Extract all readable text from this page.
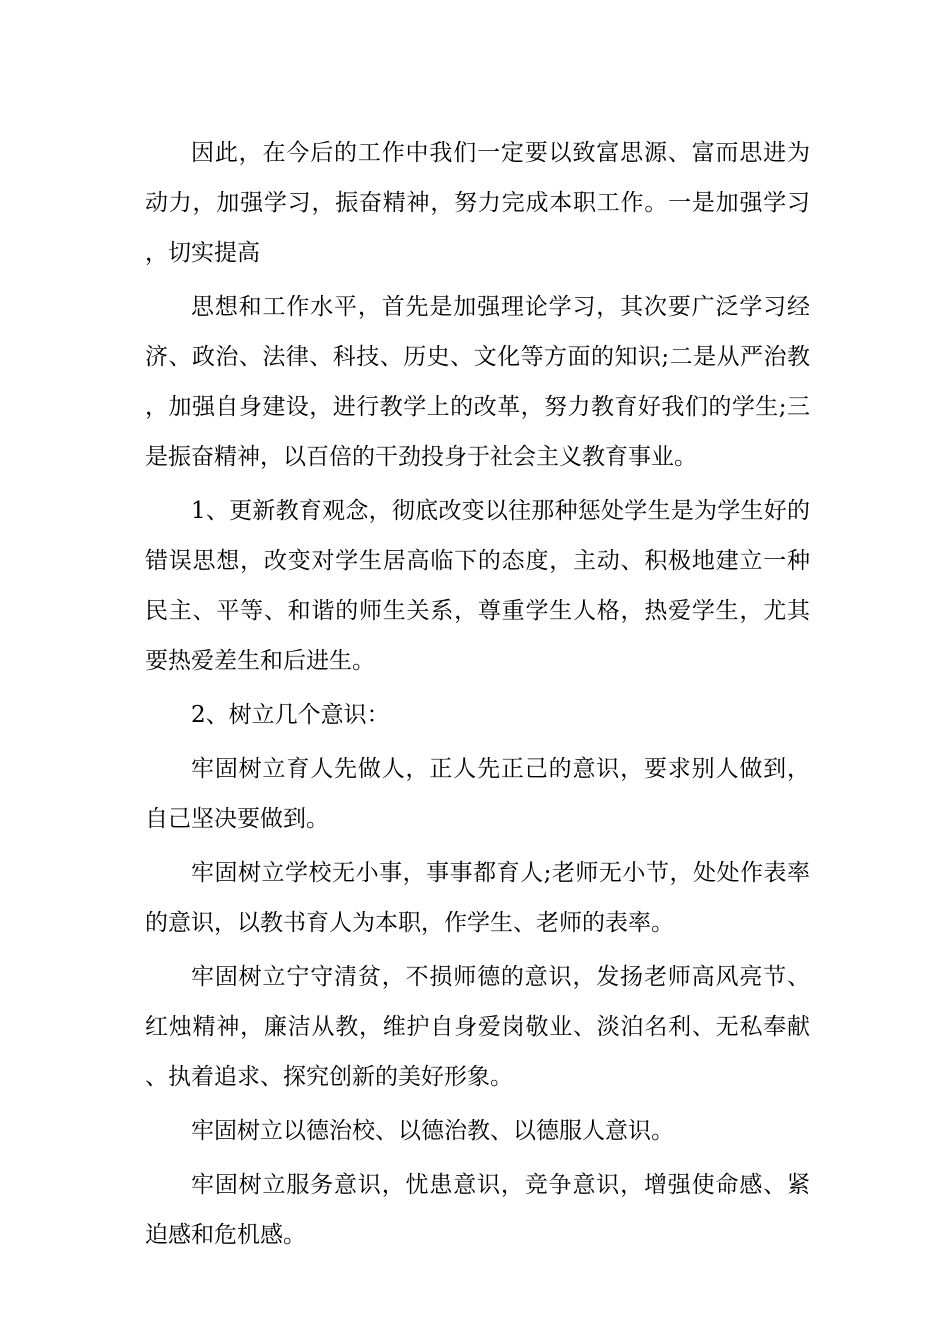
因此，在今后的工作中我们一定要以致富思源、富而思进为动力，加强学习，振奋精神，努力完成本职工作。一是加强学习，切实提高

思想和工作水平，首先是加强理论学习，其次要广泛学习经济、政治、法律、科技、历史、文化等方面的知识;二是从严治教，加强自身建设，进行教学上的改革，努力教育好我们的学生;三是振奋精神，以百倍的干劲投身于社会主义教育事业。

1、更新教育观念，彻底改变以往那种惩处学生是为学生好的错误思想，改变对学生居高临下的态度，主动、积极地建立一种民主、平等、和谐的师生关系，尊重学生人格，热爱学生，尤其要热爱差生和后进生。

2、树立几个意识：

牢固树立育人先做人，正人先正己的意识，要求别人做到，自己坚决要做到。

牢固树立学校无小事，事事都育人;老师无小节，处处作表率的意识，以教书育人为本职，作学生、老师的表率。

牢固树立宁守清贫，不损师德的意识，发扬老师高风亮节、红烛精神，廉洁从教，维护自身爱岗敬业、淡泊名利、无私奉献、执着追求、探究创新的美好形象。

牢固树立以德治校、以德治教、以德服人意识。

牢固树立服务意识，忧患意识，竞争意识，增强使命感、紧迫感和危机感。
